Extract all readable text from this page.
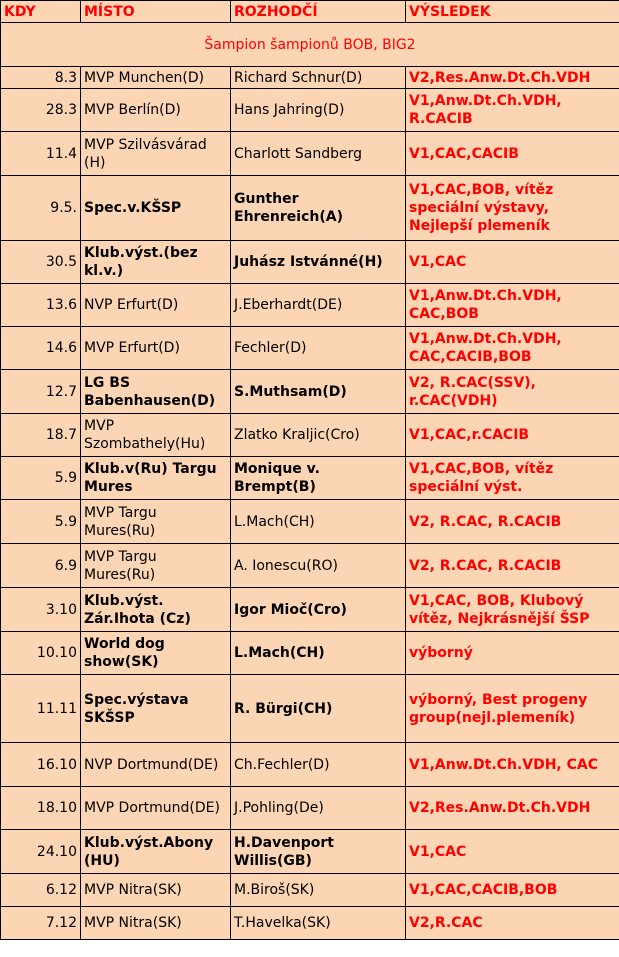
KDY	MÍSTO	ROZHODČÍ	VÝSLEDEK
Šampion šampionů BOB, BIG2			
8.3	MVP Munchen(D)	Richard Schnur(D)	V2,Res.Anw.Dt.Ch.VDH
28.3	MVP Berlín(D)	Hans Jahring(D)	V1,Anw.Dt.Ch.VDH, R.CACIB
11.4	MVP Szilvásvárad (H)	Charlott Sandberg	V1,CAC,CACIB
9.5.	Spec.v.KŠSP	Gunther Ehrenreich(A)	V1,CAC,BOB, vítěz speciální výstavy, Nejlepší plemeník
30.5	Klub.výst.(bez kl.v.)	Juhász Istvánné(H)	V1,CAC
13.6	NVP Erfurt(D)	J.Eberhardt(DE)	V1,Anw.Dt.Ch.VDH, CAC,BOB
14.6	MVP Erfurt(D)	Fechler(D)	V1,Anw.Dt.Ch.VDH, CAC,CACIB,BOB
12.7	LG BS Babenhausen(D)	S.Muthsam(D)	V2, R.CAC(SSV), r.CAC(VDH)
18.7	MVP Szombathely(Hu)	Zlatko Kraljic(Cro)	V1,CAC,r.CACIB
5.9	Klub.v(Ru) Targu Mures	Monique v. Brempt(B)	V1,CAC,BOB, vítěz speciální výst.
5.9	MVP Targu Mures(Ru)	L.Mach(CH)	V2, R.CAC, R.CACIB
6.9	MVP Targu Mures(Ru)	A. Ionescu(RO)	V2, R.CAC, R.CACIB
3.10	Klub.výst. Zár.Ihota (Cz)	Igor Mioč(Cro)	V1,CAC, BOB, Klubový vítěz, Nejkrásnější ŠSP
10.10	World dog show(SK)	L.Mach(CH)	výborný
11.11	Spec.výstava SKŠSP	R. Bürgi(CH)	výborný, Best progeny group(nejl.plemeník)
16.10	NVP Dortmund(DE)	Ch.Fechler(D)	V1,Anw.Dt.Ch.VDH, CAC
18.10	MVP Dortmund(DE)	J.Pohling(De)	V2,Res.Anw.Dt.Ch.VDH
24.10	Klub.výst.Abony (HU)	H.Davenport Willis(GB)	V1,CAC
6.12	MVP Nitra(SK)	M.Biroš(SK)	V1,CAC,CACIB,BOB
7.12	MVP Nitra(SK)	T.Havelka(SK)	V2,R.CAC
